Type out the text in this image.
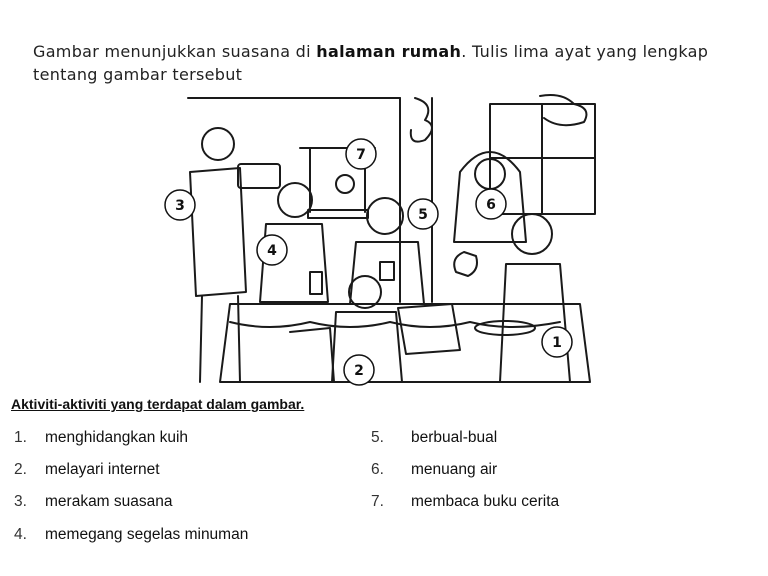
Gambar menunjukkan suasana di halaman rumah. Tulis lima ayat yang lengkap tentang gambar tersebut
1
2
3
4
5
6
7
Aktiviti-aktiviti yang terdapat dalam gambar.
1. menghidangkan kuih
2. melayari internet
3. merakam suasana
4. memegang segelas minuman
5. berbual-bual
6. menuang air
7. membaca buku cerita
